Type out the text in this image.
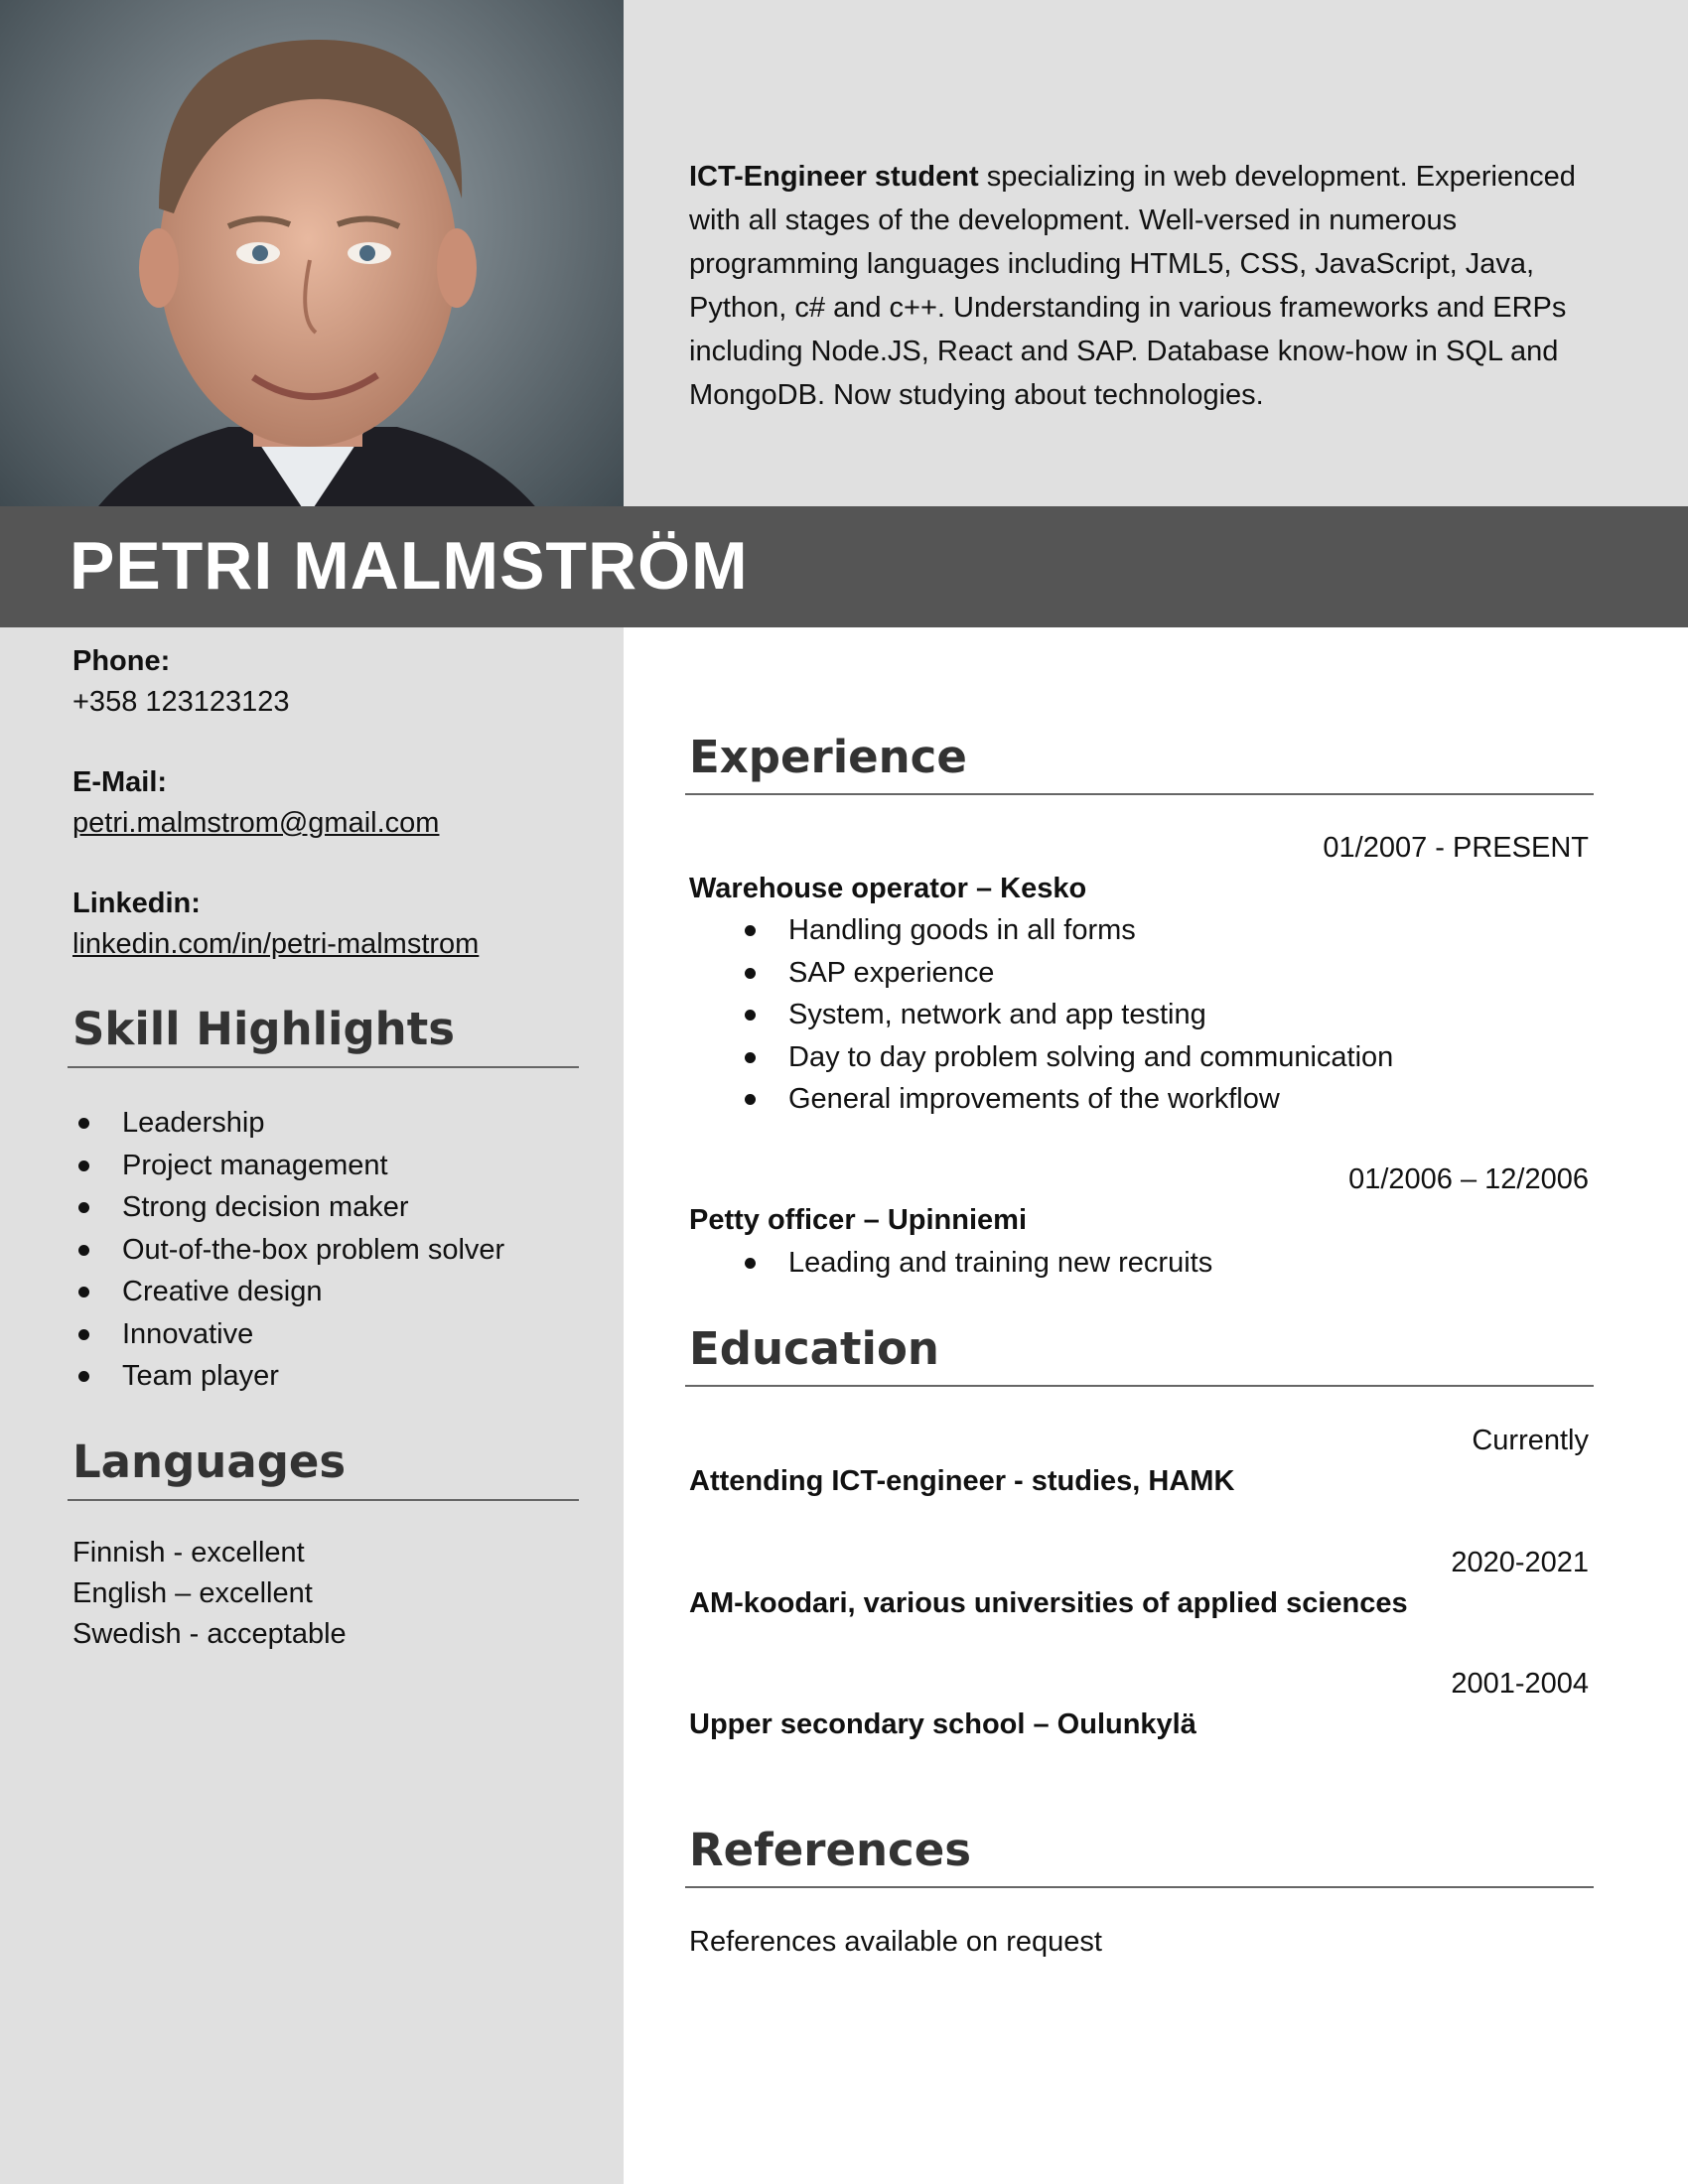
PETRI MALMSTRÖM

ICT-Engineer student specializing in web development. Experienced with all stages of the development. Well-versed in numerous programming languages including HTML5, CSS, JavaScript, Java, Python, c# and c++. Understanding in various frameworks and ERPs including Node.JS, React and SAP. Database know-how in SQL and MongoDB. Now studying about technologies.

Phone:
+358 123123123
E-Mail:
petri.malmstrom@gmail.com
Linkedin:
linkedin.com/in/petri-malmstrom
Skill Highlights
Leadership
Project management
Strong decision maker
Out-of-the-box problem solver
Creative design
Innovative
Team player
Languages
Finnish - excellent
English – excellent
Swedish - acceptable
Experience
01/2007 - PRESENT
Warehouse operator – Kesko
Handling goods in all forms
SAP experience
System, network and app testing
Day to day problem solving and communication
General improvements of the workflow
01/2006 – 12/2006
Petty officer – Upinniemi
Leading and training new recruits
Education
Currently
Attending ICT-engineer - studies, HAMK
2020-2021
AM-koodari, various universities of applied sciences
2001-2004
Upper secondary school – Oulunkylä
References
References available on request
